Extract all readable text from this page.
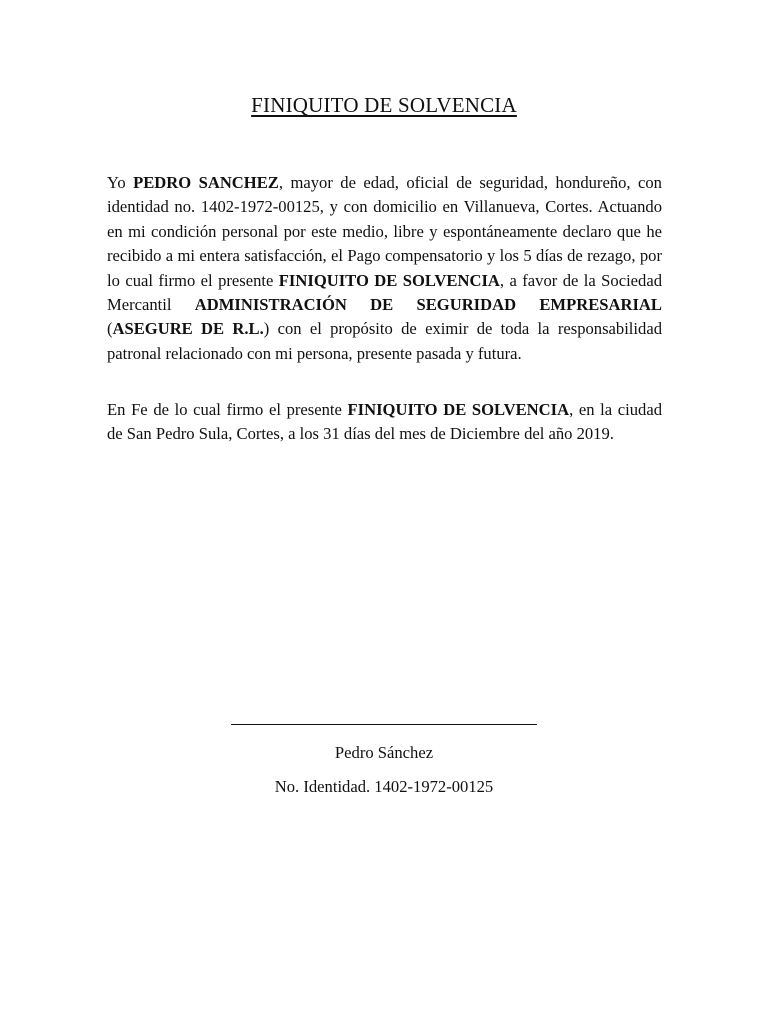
FINIQUITO DE SOLVENCIA

Yo PEDRO SANCHEZ, mayor de edad, oficial de seguridad, hondureño, con identidad no. 1402-1972-00125, y con domicilio en Villanueva, Cortes. Actuando en mi condición personal por este medio, libre y espontáneamente declaro que he recibido a mi entera satisfacción, el Pago compensatorio y los 5 días de rezago, por lo cual firmo el presente FINIQUITO DE SOLVENCIA, a favor de la Sociedad Mercantil ADMINISTRACIÓN DE SEGURIDAD EMPRESARIAL (ASEGURE DE R.L.) con el propósito de eximir de toda la responsabilidad patronal relacionado con mi persona, presente pasada y futura.

En Fe de lo cual firmo el presente FINIQUITO DE SOLVENCIA, en la ciudad de San Pedro Sula, Cortes, a los 31 días del mes de Diciembre del año 2019.

Pedro Sánchez
No. Identidad. 1402-1972-00125
